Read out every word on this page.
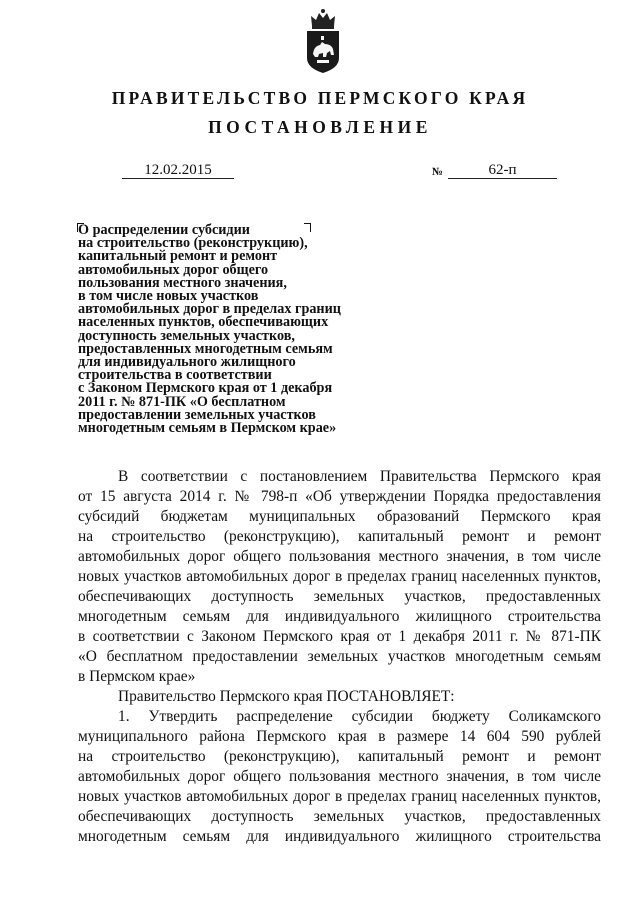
ПРАВИТЕЛЬСТВО ПЕРМСКОГО КРАЯ
ПОСТАНОВЛЕНИЕ
12.02.2015	№	62-п
О распределении субсидии
на строительство (реконструкцию),
капитальный ремонт и ремонт
автомобильных дорог общего
пользования местного значения,
в том числе новых участков
автомобильных дорог в пределах границ
населенных пунктов, обеспечивающих
доступность земельных участков,
предоставленных многодетным семьям
для индивидуального жилищного
строительства в соответствии
с Законом Пермского края от 1 декабря
2011 г. № 871-ПК «О бесплатном
предоставлении земельных участков
многодетным семьям в Пермском крае»
В соответствии с постановлением Правительства Пермского края
от 15 августа 2014 г. № 798-п «Об утверждении Порядка предоставления
субсидий бюджетам муниципальных образований Пермского края
на строительство (реконструкцию), капитальный ремонт и ремонт
автомобильных дорог общего пользования местного значения, в том числе
новых участков автомобильных дорог в пределах границ населенных пунктов,
обеспечивающих доступность земельных участков, предоставленных
многодетным семьям для индивидуального жилищного строительства
в соответствии с Законом Пермского края от 1 декабря 2011 г. № 871-ПК
«О бесплатном предоставлении земельных участков многодетным семьям
в Пермском крае»
Правительство Пермского края ПОСТАНОВЛЯЕТ:
1. Утвердить распределение субсидии бюджету Соликамского
муниципального района Пермского края в размере 14 604 590 рублей
на строительство (реконструкцию), капитальный ремонт и ремонт
автомобильных дорог общего пользования местного значения, в том числе
новых участков автомобильных дорог в пределах границ населенных пунктов,
обеспечивающих доступность земельных участков, предоставленных
многодетным семьям для индивидуального жилищного строительства
